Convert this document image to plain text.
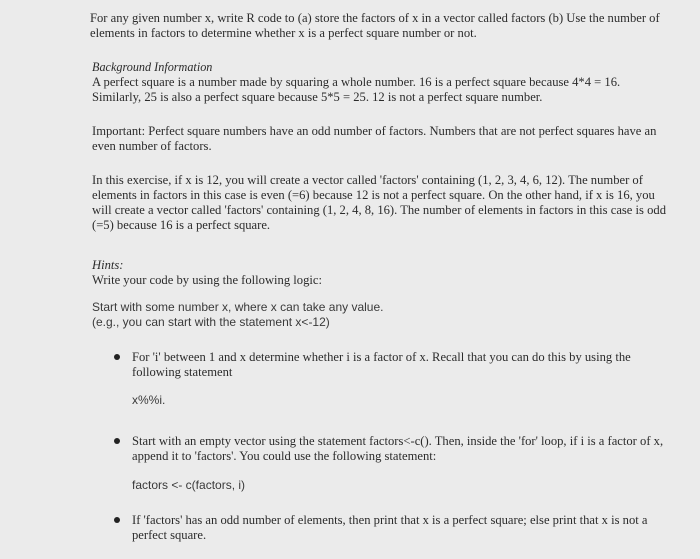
For any given number x, write R code to (a) store the factors of x in a vector called factors (b) Use the number of elements in factors to determine whether x is a perfect square number or not.

Background Information

A perfect square is a number made by squaring a whole number. 16 is a perfect square because 4*4 = 16. Similarly, 25 is also a perfect square because 5*5 = 25. 12 is not a perfect square number.

Important: Perfect square numbers have an odd number of factors. Numbers that are not perfect squares have an even number of factors.

In this exercise, if x is 12, you will create a vector called 'factors' containing (1, 2, 3, 4, 6, 12). The number of elements in factors in this case is even (=6) because 12 is not a perfect square. On the other hand, if x is 16, you will create a vector called 'factors' containing (1, 2, 4, 8, 16). The number of elements in factors in this case is odd (=5) because 16 is a perfect square.

Hints:

Write your code by using the following logic:

Start with some number x, where x can take any value.

(e.g., you can start with the statement x<-12)

For 'i' between 1 and x determine whether i is a factor of x. Recall that you can do this by using the following statement

x%%i.

Start with an empty vector using the statement factors<-c(). Then, inside the 'for' loop, if i is a factor of x, append it to 'factors'. You could use the following statement:

factors <- c(factors, i)

If 'factors' has an odd number of elements, then print that x is a perfect square; else print that x is not a perfect square.
